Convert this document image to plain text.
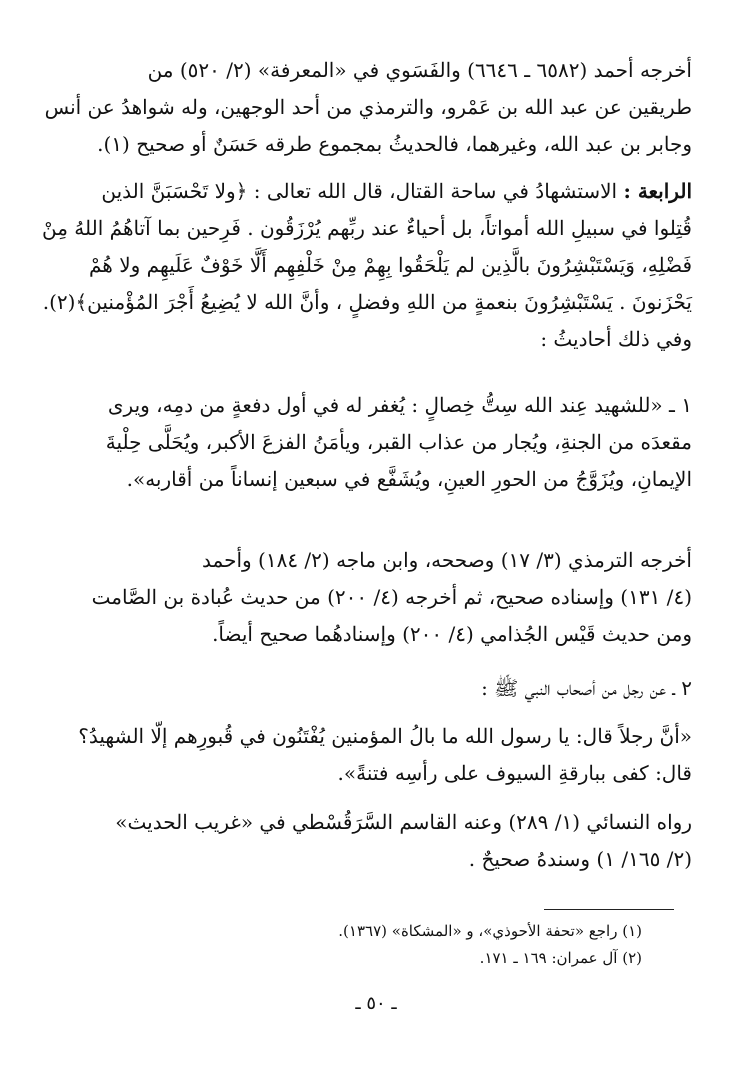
أخرجه أحمد (٦٥٨٢ ـ ٦٦٤٦) والفَسَوي في «المعرفة» (٢/ ٥٢٠) من
طريقين عن عبد الله بن عَمْرو، والترمذي من أحد الوجهين، وله شواهدُ عن أنس
وجابر بن عبد الله، وغيرهما، فالحديثُ بمجموع طرقه حَسَنٌ أو صحيح (١).
الرابعة : الاستشهادُ في ساحة القتال، قال الله تعالى : ﴿ولا تَحْسَبَنَّ الذين
قُتِلوا في سبيلِ الله أمواتاً، بل أحياءٌ عند ربِّهم يُرْزَقُون . فَرِحين بما آتاهُمُ اللهُ مِنْ
فَضْلِهِ، وَيَسْتَبْشِرُونَ بالَّذِين لم يَلْحَقُوا بِهِمْ مِنْ خَلْفِهِم أَلَّا خَوْفٌ عَلَيهِم ولا هُمْ
يَحْزَنونَ . يَسْتَبْشِرُونَ بنعمةٍ من اللهِ وفضلٍ ، وأنَّ الله لا يُضِيعُ أَجْرَ المُؤْمنين﴾(٢).
وفي ذلك أحاديثُ :
١ ـ «للشهيد عِند الله سِتُّ خِصالٍ : يُغفر له في أول دفعةٍ من دمِه، ويرى
مقعدَه من الجنةِ، ويُجار من عذاب القبر، ويأمَنُ الفزعَ الأكبر، ويُحَلَّى حِلْيةَ
الإيمانِ، ويُزَوَّجُ من الحورِ العينِ، ويُشَفَّع في سبعين إنساناً من أقاربه».
أخرجه الترمذي (٣/ ١٧) وصححه، وابن ماجه (٢/ ١٨٤) وأحمد
(٤/ ١٣١) وإسناده صحيح، ثم أخرجه (٤/ ٢٠٠) من حديث عُبادة بن الصَّامت
ومن حديث قَيْس الجُذامي (٤/ ٢٠٠) وإسنادهُما صحيح أيضاً.
٢ ـ عن رجل من أصحاب النبي ﷺ :
«أنَّ رجلاً قال: يا رسول الله ما بالُ المؤمنين يُفْتَنُون في قُبورِهم إلّا الشهيدُ؟
قال: كفى ببارقةِ السيوف على رأسِه فتنةً».
رواه النسائي (١/ ٢٨٩) وعنه القاسم السَّرَقُسْطي في «غريب الحديث»
(٢/ ١٦٥/ ١) وسندهُ صحيحٌ .
(١) راجع «تحفة الأحوذي»، و «المشكاة» (١٣٦٧).
(٢) آل عمران: ١٦٩ ـ ١٧١.
ـ ٥٠ ـ
